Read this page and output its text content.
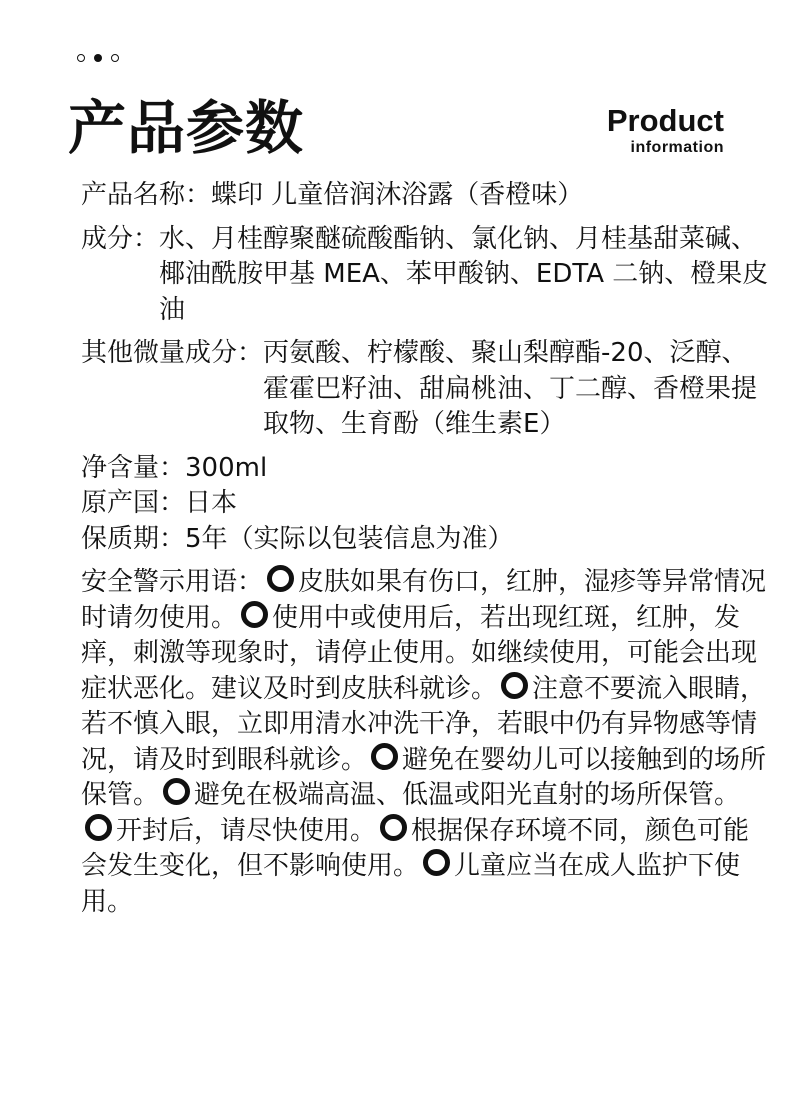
产品参数	Product
information
产品名称： 蝶印 儿童倍润沐浴露（香橙味）
成分： 水、月桂醇聚醚硫酸酯钠、氯化钠、月桂基甜菜碱、椰油酰胺甲基 MEA、苯甲酸钠、EDTA 二钠、橙果皮油
其他微量成分： 丙氨酸、柠檬酸、聚山梨醇酯-20、泛醇、霍霍巴籽油、甜扁桃油、丁二醇、香橙果提取物、生育酚（维生素E）
净含量： 300ml
原产国： 日本
保质期： 5年（实际以包装信息为准）
安全警示用语： 皮肤如果有伤口，红肿，湿疹等异常情况时请勿使用。 使用中或使用后，若出现红斑，红肿，发痒，刺激等现象时，请停止使用。如继续使用，可能会出现症状恶化。建议及时到皮肤科就诊。 注意不要流入眼睛，若不慎入眼，立即用清水冲洗干净，若眼中仍有异物感等情况，请及时到眼科就诊。 避免在婴幼儿可以接触到的场所保管。 避免在极端高温、低温或阳光直射的场所保管。开封后，请尽快使用。 根据保存环境不同，颜色可能会发生变化，但不影响使用。 儿童应当在成人监护下使用。
